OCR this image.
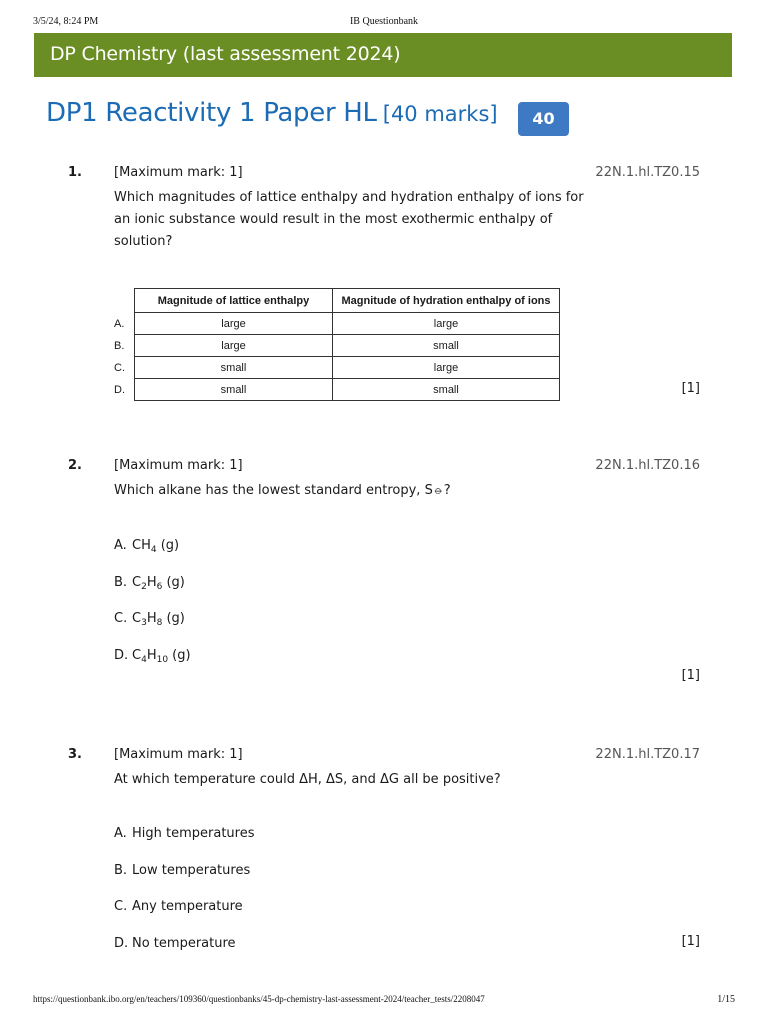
3/5/24, 8:24 PM	IB Questionbank
DP Chemistry (last assessment 2024)
DP1 Reactivity 1 Paper HL [40 marks]	40
1. [Maximum mark: 1]	22N.1.hl.TZ0.15
Which magnitudes of lattice enthalpy and hydration enthalpy of ions for an ionic substance would result in the most exothermic enthalpy of solution?
	Magnitude of lattice enthalpy	Magnitude of hydration enthalpy of ions
A.	large	large
B.	large	small
C.	small	large
D.	small	small	[1]
2. [Maximum mark: 1]	22N.1.hl.TZ0.16
Which alkane has the lowest standard entropy, S⦵?
A. $CH_4$ (g)
B. $C_2H_6$ (g)
C. $C_3H_8$ (g)
D. $C_4H_{10}$ (g)
[1]
3. [Maximum mark: 1]	22N.1.hl.TZ0.17
At which temperature could ΔH, ΔS, and ΔG all be positive?
A. High temperatures
B. Low temperatures
C. Any temperature
D. No temperature	[1]
https://questionbank.ibo.org/en/teachers/109360/questionbanks/45-dp-chemistry-last-assessment-2024/teacher_tests/2208047	1/15
